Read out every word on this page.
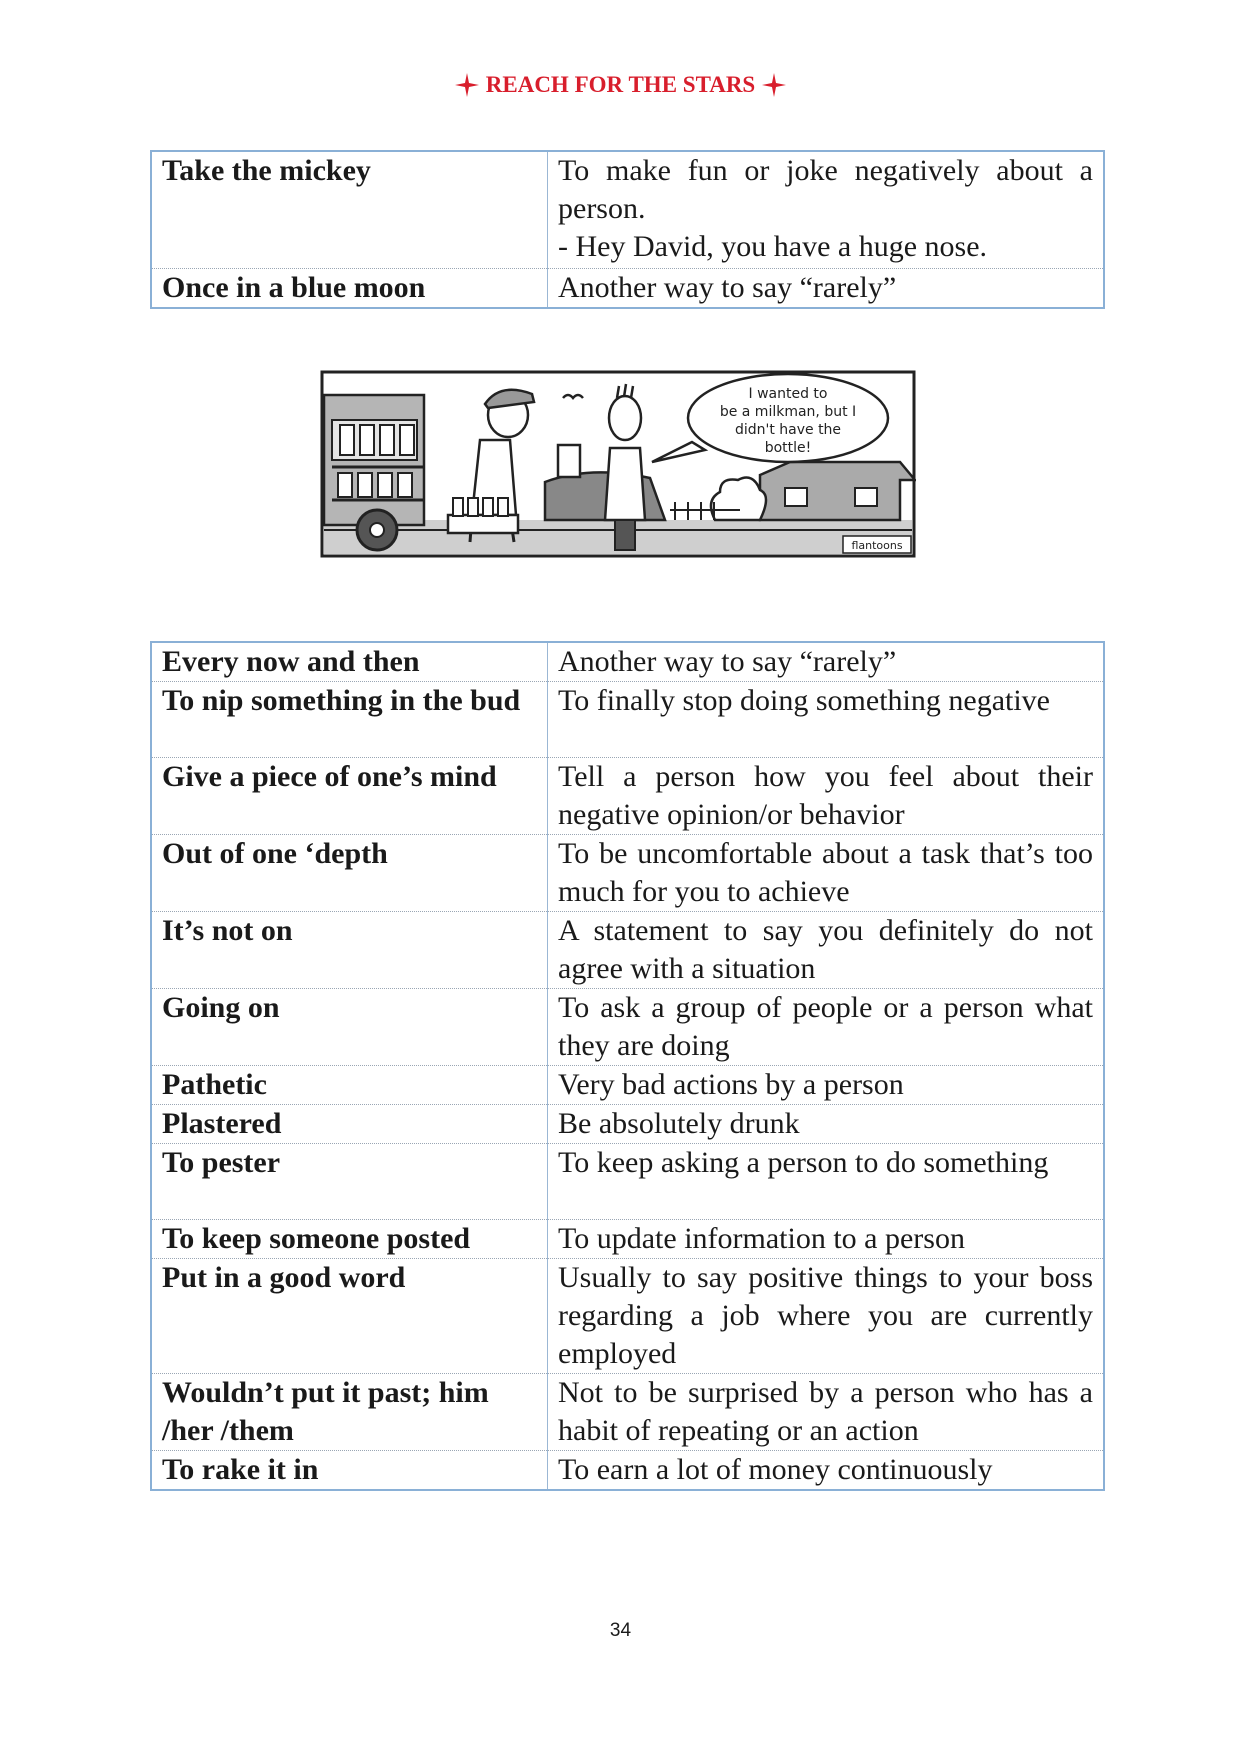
REACH FOR THE STARS
Take the mickey	To make fun or joke negatively about a person.
- Hey David, you have a huge nose.

Once in a blue moon	Another way to say “rarely”
I wanted to
be a milkman, but I
didn't have the
bottle!
flantoons
Every now and then	Another way to say “rarely”
To nip something in the bud	To finally stop doing something negative
Give a piece of one’s mind	Tell a person how you feel about their negative opinion/or behavior
Out of one ‘depth	To be uncomfortable about a task that’s too much for you to achieve
It’s not on	A statement to say you definitely do not agree with a situation
Going on	To ask a group of people or a person what they are doing
Pathetic	Very bad actions by a person
Plastered	Be absolutely drunk
To pester	To keep asking a person to do something
To keep someone posted	To update information to a person
Put in a good word	Usually to say positive things to your boss regarding a job where you are currently employed
Wouldn’t put it past; him /her /them	Not to be surprised by a person who has a habit of repeating or an action
To rake it in	To earn a lot of money continuously
34
